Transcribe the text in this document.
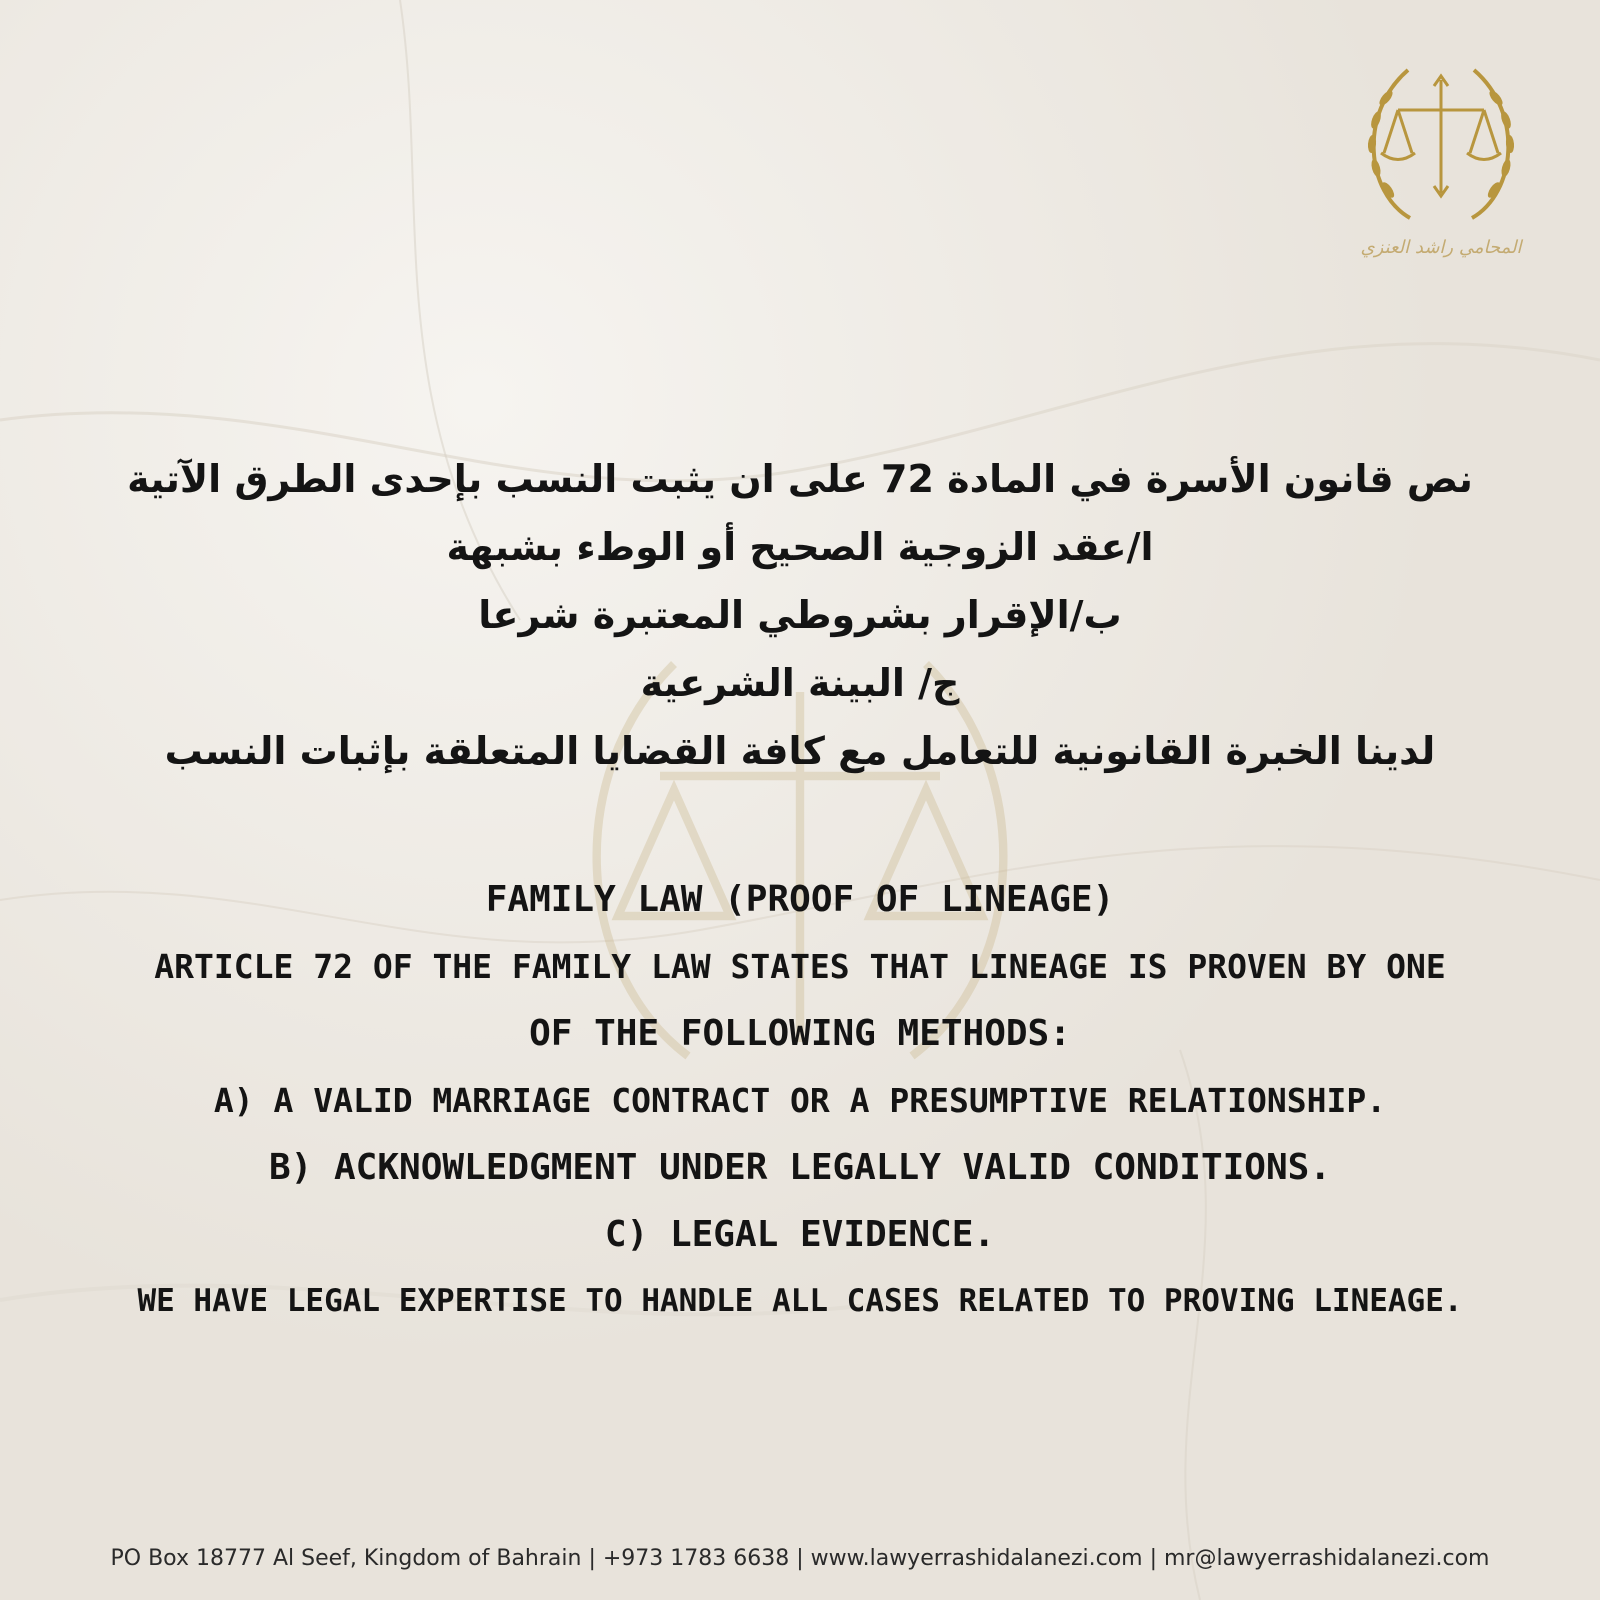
المحامي راشد العنزي
نص قانون الأسرة في المادة 72 على ان يثبت النسب بإحدى الطرق الآتية
ا/عقد الزوجية الصحيح أو الوطء بشبهة
ب/الإقرار بشروطي المعتبرة شرعا
ج/ البينة الشرعية
لدينا الخبرة القانونية للتعامل مع كافة القضايا المتعلقة بإثبات النسب
FAMILY LAW (PROOF OF LINEAGE)
ARTICLE 72 OF THE FAMILY LAW STATES THAT LINEAGE IS PROVEN BY ONE
OF THE FOLLOWING METHODS:
A) A VALID MARRIAGE CONTRACT OR A PRESUMPTIVE RELATIONSHIP.
B) ACKNOWLEDGMENT UNDER LEGALLY VALID CONDITIONS.
C) LEGAL EVIDENCE.
WE HAVE LEGAL EXPERTISE TO HANDLE ALL CASES RELATED TO PROVING LINEAGE.
PO Box 18777 Al Seef, Kingdom of Bahrain | +973 1783 6638 | www.lawyerrashidalanezi.com | mr@lawyerrashidalanezi.com
